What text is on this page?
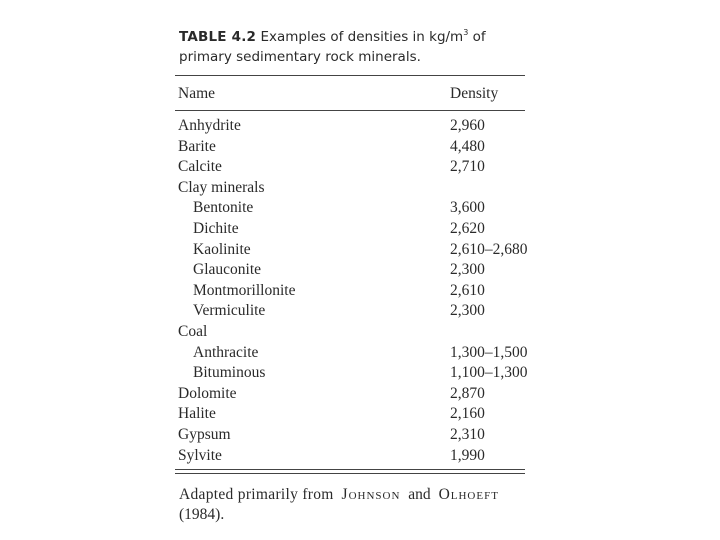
TABLE 4.2 Examples of densities in $kg/m^3$ of primary sedimentary rock minerals.
Name	Density
Anhydrite	2,960
Barite	4,480
Calcite	2,710
Clay minerals
Bentonite	3,600
Dichite	2,620
Kaolinite	2,610–2,680
Glauconite	2,300
Montmorillonite	2,610
Vermiculite	2,300
Coal
Anthracite	1,300–1,500
Bituminous	1,100–1,300
Dolomite	2,870
Halite	2,160
Gypsum	2,310
Sylvite	1,990
Adapted primarily from Johnson and Olhoeft
(1984).
